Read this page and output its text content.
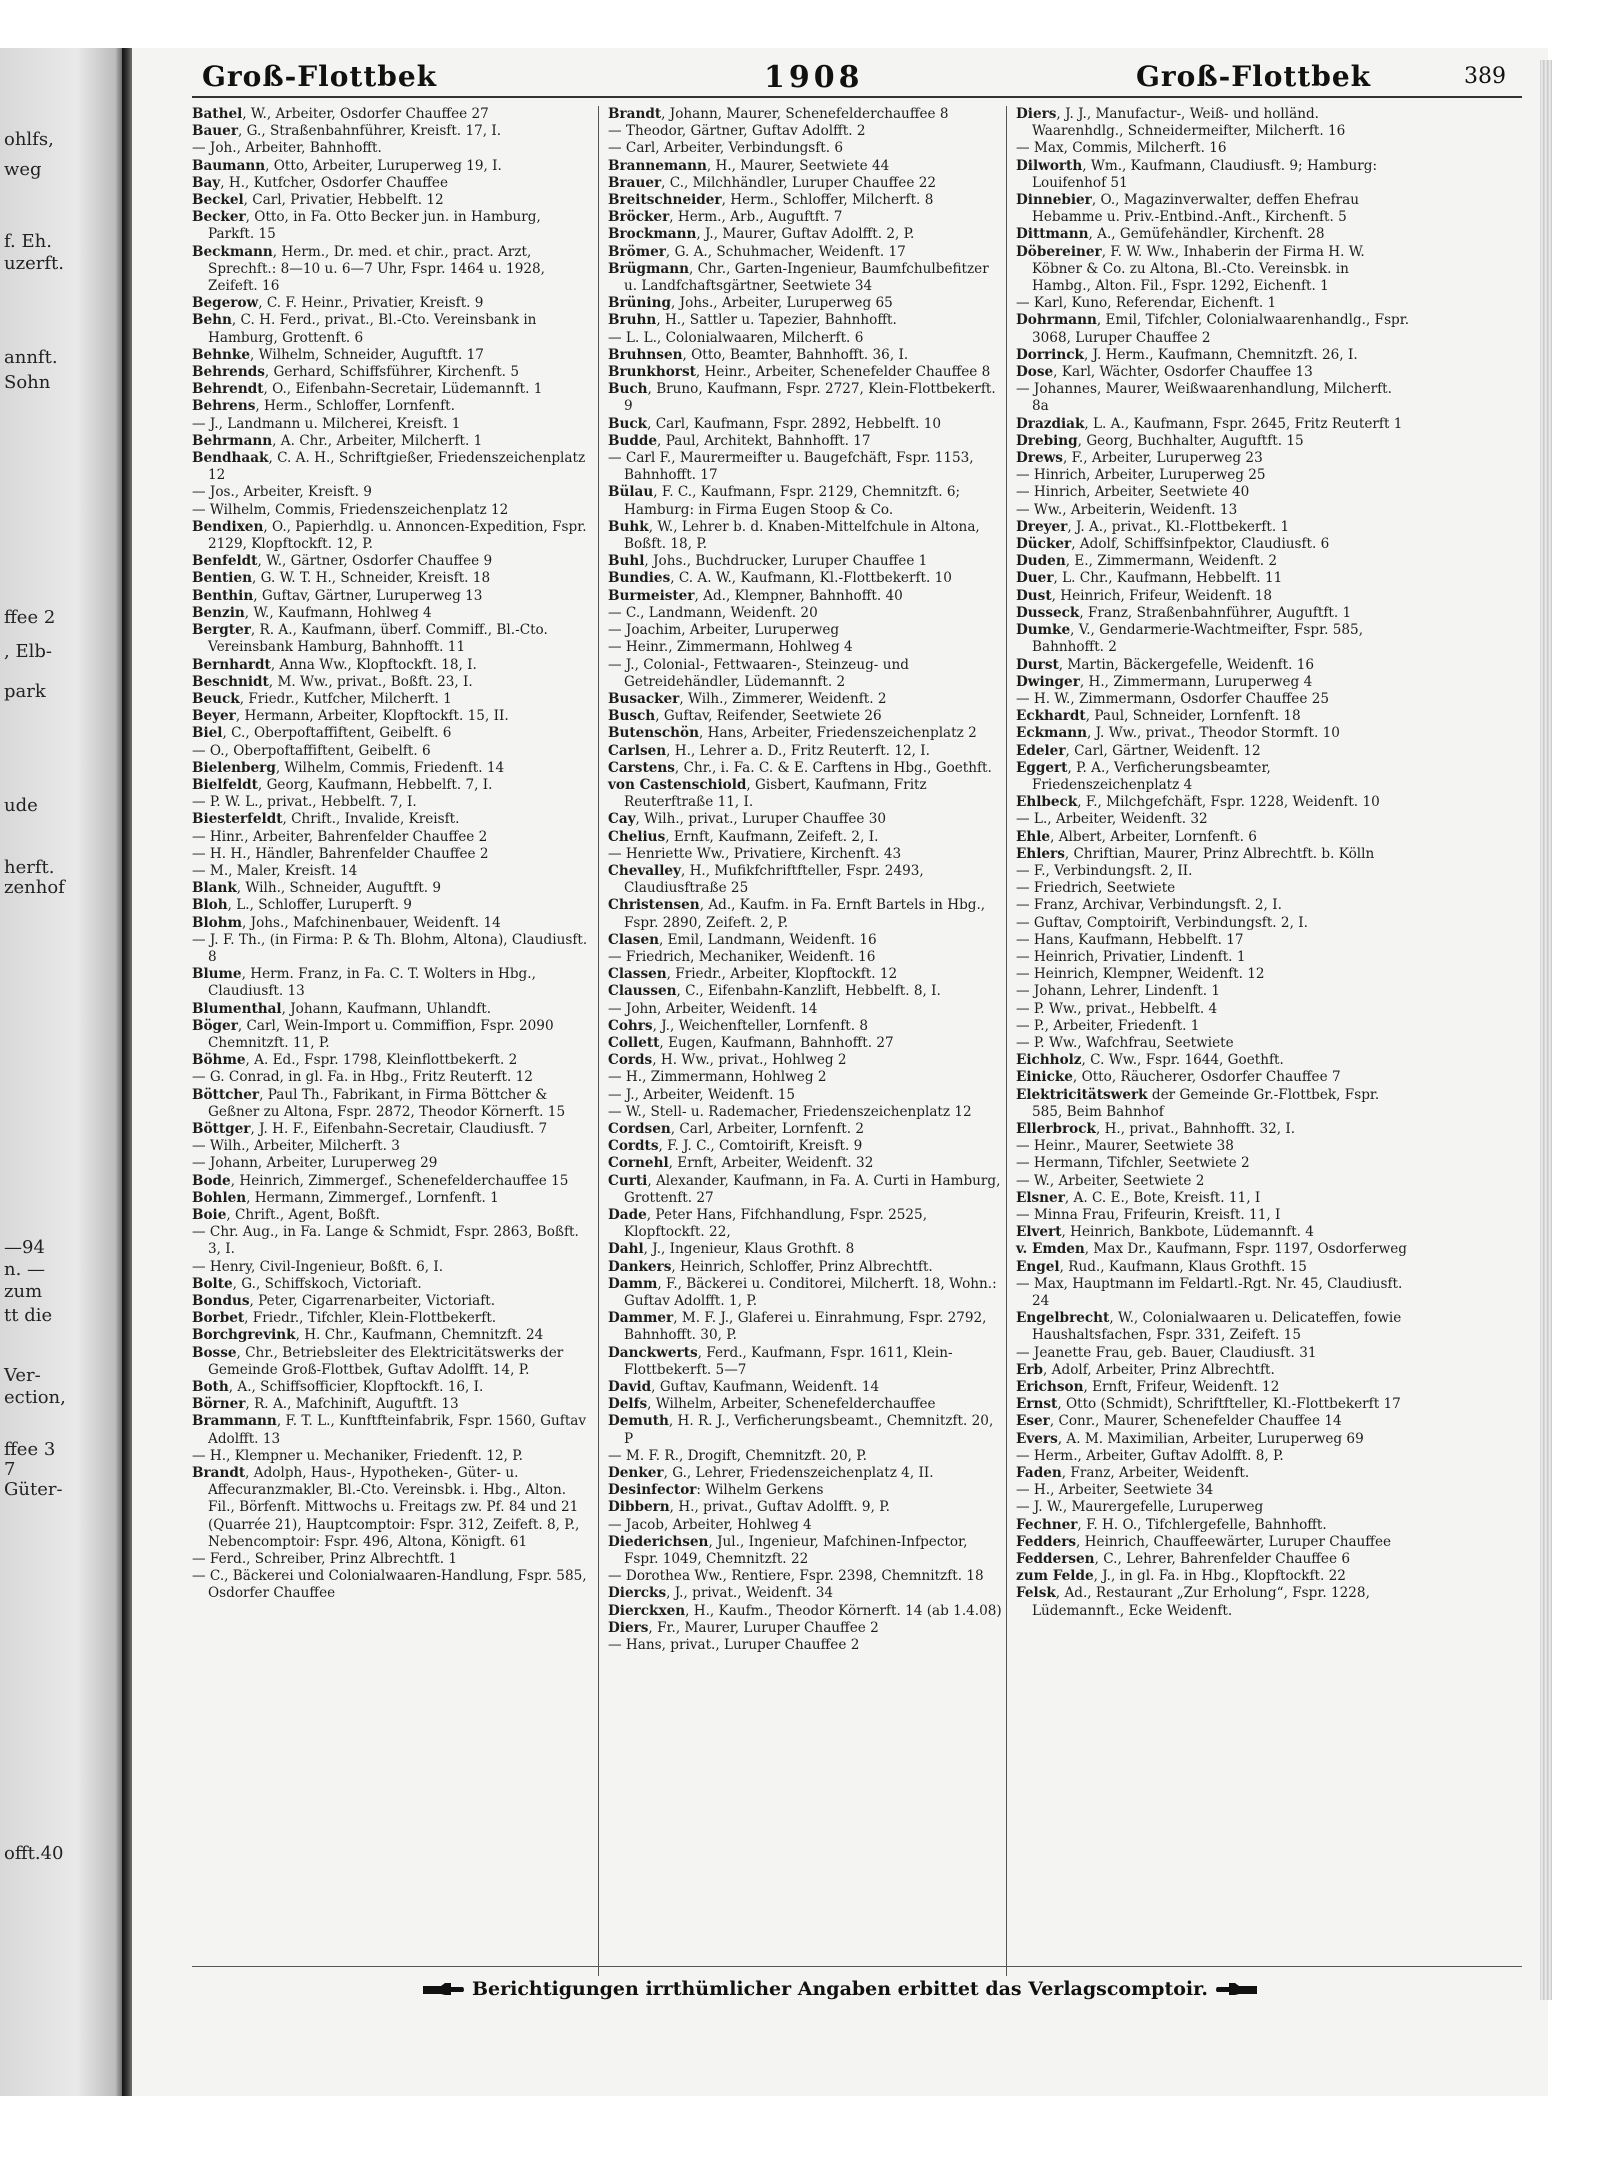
ohlfs,
weg
f. Eh.
uzerft.
annft.
Sohn
ffee 2
, Elb-
park
ude
herft.
zenhof
—94
n. —
zum
tt die
Ver-
ection,
ffee 3
7
Güter-
offt.40
Groß-Flottbek	1908	Groß-Flottbek	389

Bathel, W., Arbeiter, Osdorfer Chauffee 27

Bauer, G., Straßenbahnführer, Kreisft. 17, I.

— Joh., Arbeiter, Bahnhofft.

Baumann, Otto, Arbeiter, Luruperweg 19, I.

Bay, H., Kutfcher, Osdorfer Chauffee

Beckel, Carl, Privatier, Hebbelft. 12

Becker, Otto, in Fa. Otto Becker jun. in Hamburg, Parkft. 15

Beckmann, Herm., Dr. med. et chir., pract. Arzt, Sprechft.: 8—10 u. 6—7 Uhr, Fspr. 1464 u. 1928, Zeifeft. 16

Begerow, C. F. Heinr., Privatier, Kreisft. 9

Behn, C. H. Ferd., privat., Bl.-Cto. Vereinsbank in Hamburg, Grottenft. 6

Behnke, Wilhelm, Schneider, Auguftft. 17

Behrends, Gerhard, Schiffsführer, Kirchenft. 5

Behrendt, O., Eifenbahn-Secretair, Lüdemannft. 1

Behrens, Herm., Schloffer, Lornfenft.

— J., Landmann u. Milcherei, Kreisft. 1

Behrmann, A. Chr., Arbeiter, Milcherft. 1

Bendhaak, C. A. H., Schriftgießer, Friedenszeichenplatz 12

— Jos., Arbeiter, Kreisft. 9

— Wilhelm, Commis, Friedenszeichenplatz 12

Bendixen, O., Papierhdlg. u. Annoncen-Expedition, Fspr. 2129, Klopftockft. 12, P.

Benfeldt, W., Gärtner, Osdorfer Chauffee 9

Bentien, G. W. T. H., Schneider, Kreisft. 18

Benthin, Guftav, Gärtner, Luruperweg 13

Benzin, W., Kaufmann, Hohlweg 4

Bergter, R. A., Kaufmann, überf. Commiff., Bl.-Cto. Vereinsbank Hamburg, Bahnhofft. 11

Bernhardt, Anna Ww., Klopftockft. 18, I.

Beschnidt, M. Ww., privat., Boßft. 23, I.

Beuck, Friedr., Kutfcher, Milcherft. 1

Beyer, Hermann, Arbeiter, Klopftockft. 15, II.

Biel, C., Oberpoftaffiftent, Geibelft. 6

— O., Oberpoftaffiftent, Geibelft. 6

Bielenberg, Wilhelm, Commis, Friedenft. 14

Bielfeldt, Georg, Kaufmann, Hebbelft. 7, I.

— P. W. L., privat., Hebbelft. 7, I.

Biesterfeldt, Chrift., Invalide, Kreisft.

— Hinr., Arbeiter, Bahrenfelder Chauffee 2

— H. H., Händler, Bahrenfelder Chauffee 2

— M., Maler, Kreisft. 14

Blank, Wilh., Schneider, Auguftft. 9

Bloh, L., Schloffer, Luruperft. 9

Blohm, Johs., Mafchinenbauer, Weidenft. 14

— J. F. Th., (in Firma: P. & Th. Blohm, Altona), Claudiusft. 8

Blume, Herm. Franz, in Fa. C. T. Wolters in Hbg., Claudiusft. 13

Blumenthal, Johann, Kaufmann, Uhlandft.

Böger, Carl, Wein-Import u. Commiffion, Fspr. 2090 Chemnitzft. 11, P.

Böhme, A. Ed., Fspr. 1798, Kleinflottbekerft. 2

— G. Conrad, in gl. Fa. in Hbg., Fritz Reuterft. 12

Böttcher, Paul Th., Fabrikant, in Firma Böttcher & Geßner zu Altona, Fspr. 2872, Theodor Körnerft. 15

Böttger, J. H. F., Eifenbahn-Secretair, Claudiusft. 7

— Wilh., Arbeiter, Milcherft. 3

— Johann, Arbeiter, Luruperweg 29

Bode, Heinrich, Zimmergef., Schenefelderchauffee 15

Bohlen, Hermann, Zimmergef., Lornfenft. 1

Boie, Chrift., Agent, Boßft.

— Chr. Aug., in Fa. Lange & Schmidt, Fspr. 2863, Boßft. 3, I.

— Henry, Civil-Ingenieur, Boßft. 6, I.

Bolte, G., Schiffskoch, Victoriaft.

Bondus, Peter, Cigarrenarbeiter, Victoriaft.

Borbet, Friedr., Tifchler, Klein-Flottbekerft.

Borchgrevink, H. Chr., Kaufmann, Chemnitzft. 24

Bosse, Chr., Betriebsleiter des Elektricitätswerks der Gemeinde Groß-Flottbek, Guftav Adolfft. 14, P.

Both, A., Schiffsofficier, Klopftockft. 16, I.

Börner, R. A., Mafchinift, Auguftft. 13

Brammann, F. T. L., Kunftfteinfabrik, Fspr. 1560, Guftav Adolfft. 13

— H., Klempner u. Mechaniker, Friedenft. 12, P.

Brandt, Adolph, Haus-, Hypotheken-, Güter- u. Affecuranzmakler, Bl.-Cto. Vereinsbk. i. Hbg., Alton. Fil., Börfenft. Mittwochs u. Freitags zw. Pf. 84 und 21 (Quarrée 21), Hauptcomptoir: Fspr. 312, Zeifeft. 8, P., Nebencomptoir: Fspr. 496, Altona, Königft. 61

— Ferd., Schreiber, Prinz Albrechtft. 1

— C., Bäckerei und Colonialwaaren-Handlung, Fspr. 585, Osdorfer Chauffee

Brandt, Johann, Maurer, Schenefelderchauffee 8

— Theodor, Gärtner, Guftav Adolfft. 2

— Carl, Arbeiter, Verbindungsft. 6

Brannemann, H., Maurer, Seetwiete 44

Brauer, C., Milchhändler, Luruper Chauffee 22

Breitschneider, Herm., Schloffer, Milcherft. 8

Bröcker, Herm., Arb., Auguftft. 7

Brockmann, J., Maurer, Guftav Adolfft. 2, P.

Brömer, G. A., Schuhmacher, Weidenft. 17

Brügmann, Chr., Garten-Ingenieur, Baumfchulbefitzer u. Landfchaftsgärtner, Seetwiete 34

Brüning, Johs., Arbeiter, Luruperweg 65

Bruhn, H., Sattler u. Tapezier, Bahnhofft.

— L. L., Colonialwaaren, Milcherft. 6

Bruhnsen, Otto, Beamter, Bahnhofft. 36, I.

Brunkhorst, Heinr., Arbeiter, Schenefelder Chauffee 8

Buch, Bruno, Kaufmann, Fspr. 2727, Klein-Flottbekerft. 9

Buck, Carl, Kaufmann, Fspr. 2892, Hebbelft. 10

Budde, Paul, Architekt, Bahnhofft. 17

— Carl F., Maurermeifter u. Baugefchäft, Fspr. 1153, Bahnhofft. 17

Bülau, F. C., Kaufmann, Fspr. 2129, Chemnitzft. 6; Hamburg: in Firma Eugen Stoop & Co.

Buhk, W., Lehrer b. d. Knaben-Mittelfchule in Altona, Boßft. 18, P.

Buhl, Johs., Buchdrucker, Luruper Chauffee 1

Bundies, C. A. W., Kaufmann, Kl.-Flottbekerft. 10

Burmeister, Ad., Klempner, Bahnhofft. 40

— C., Landmann, Weidenft. 20

— Joachim, Arbeiter, Luruperweg

— Heinr., Zimmermann, Hohlweg 4

— J., Colonial-, Fettwaaren-, Steinzeug- und Getreidehändler, Lüdemannft. 2

Busacker, Wilh., Zimmerer, Weidenft. 2

Busch, Guftav, Reifender, Seetwiete 26

Butenschön, Hans, Arbeiter, Friedenszeichenplatz 2

Carlsen, H., Lehrer a. D., Fritz Reuterft. 12, I.

Carstens, Chr., i. Fa. C. & E. Carftens in Hbg., Goethft.

von Castenschiold, Gisbert, Kaufmann, Fritz Reuterftraße 11, I.

Cay, Wilh., privat., Luruper Chauffee 30

Chelius, Ernft, Kaufmann, Zeifeft. 2, I.

— Henriette Ww., Privatiere, Kirchenft. 43

Chevalley, H., Mufikfchriftfteller, Fspr. 2493, Claudiusftraße 25

Christensen, Ad., Kaufm. in Fa. Ernft Bartels in Hbg., Fspr. 2890, Zeifeft. 2, P.

Clasen, Emil, Landmann, Weidenft. 16

— Friedrich, Mechaniker, Weidenft. 16

Classen, Friedr., Arbeiter, Klopftockft. 12

Claussen, C., Eifenbahn-Kanzlift, Hebbelft. 8, I.

— John, Arbeiter, Weidenft. 14

Cohrs, J., Weichenfteller, Lornfenft. 8

Collett, Eugen, Kaufmann, Bahnhofft. 27

Cords, H. Ww., privat., Hohlweg 2

— H., Zimmermann, Hohlweg 2

— J., Arbeiter, Weidenft. 15

— W., Stell- u. Rademacher, Friedenszeichenplatz 12

Cordsen, Carl, Arbeiter, Lornfenft. 2

Cordts, F. J. C., Comtoirift, Kreisft. 9

Cornehl, Ernft, Arbeiter, Weidenft. 32

Curti, Alexander, Kaufmann, in Fa. A. Curti in Hamburg, Grottenft. 27

Dade, Peter Hans, Fifchhandlung, Fspr. 2525, Klopftockft. 22,

Dahl, J., Ingenieur, Klaus Grothft. 8

Dankers, Heinrich, Schloffer, Prinz Albrechtft.

Damm, F., Bäckerei u. Conditorei, Milcherft. 18, Wohn.: Guftav Adolfft. 1, P.

Dammer, M. F. J., Glaferei u. Einrahmung, Fspr. 2792, Bahnhofft. 30, P.

Danckwerts, Ferd., Kaufmann, Fspr. 1611, Klein-Flottbekerft. 5—7

David, Guftav, Kaufmann, Weidenft. 14

Delfs, Wilhelm, Arbeiter, Schenefelderchauffee

Demuth, H. R. J., Verficherungsbeamt., Chemnitzft. 20, P

— M. F. R., Drogift, Chemnitzft. 20, P.

Denker, G., Lehrer, Friedenszeichenplatz 4, II.

Desinfector: Wilhelm Gerkens

Dibbern, H., privat., Guftav Adolfft. 9, P.

— Jacob, Arbeiter, Hohlweg 4

Diederichsen, Jul., Ingenieur, Mafchinen-Infpector, Fspr. 1049, Chemnitzft. 22

— Dorothea Ww., Rentiere, Fspr. 2398, Chemnitzft. 18

Diercks, J., privat., Weidenft. 34

Dierckxen, H., Kaufm., Theodor Körnerft. 14 (ab 1.4.08)

Diers, Fr., Maurer, Luruper Chauffee 2

— Hans, privat., Luruper Chauffee 2

Diers, J. J., Manufactur-, Weiß- und holländ. Waarenhdlg., Schneidermeifter, Milcherft. 16

— Max, Commis, Milcherft. 16

Dilworth, Wm., Kaufmann, Claudiusft. 9; Hamburg: Louifenhof 51

Dinnebier, O., Magazinverwalter, deffen Ehefrau Hebamme u. Priv.-Entbind.-Anft., Kirchenft. 5

Dittmann, A., Gemüfehändler, Kirchenft. 28

Döbereiner, F. W. Ww., Inhaberin der Firma H. W. Köbner & Co. zu Altona, Bl.-Cto. Vereinsbk. in Hambg., Alton. Fil., Fspr. 1292, Eichenft. 1

— Karl, Kuno, Referendar, Eichenft. 1

Dohrmann, Emil, Tifchler, Colonialwaarenhandlg., Fspr. 3068, Luruper Chauffee 2

Dorrinck, J. Herm., Kaufmann, Chemnitzft. 26, I.

Dose, Karl, Wächter, Osdorfer Chauffee 13

— Johannes, Maurer, Weißwaarenhandlung, Milcherft. 8a

Drazdiak, L. A., Kaufmann, Fspr. 2645, Fritz Reuterft 1

Drebing, Georg, Buchhalter, Auguftft. 15

Drews, F., Arbeiter, Luruperweg 23

— Hinrich, Arbeiter, Luruperweg 25

— Hinrich, Arbeiter, Seetwiete 40

— Ww., Arbeiterin, Weidenft. 13

Dreyer, J. A., privat., Kl.-Flottbekerft. 1

Dücker, Adolf, Schiffsinfpektor, Claudiusft. 6

Duden, E., Zimmermann, Weidenft. 2

Duer, L. Chr., Kaufmann, Hebbelft. 11

Dust, Heinrich, Frifeur, Weidenft. 18

Dusseck, Franz, Straßenbahnführer, Auguftft. 1

Dumke, V., Gendarmerie-Wachtmeifter, Fspr. 585, Bahnhofft. 2

Durst, Martin, Bäckergefelle, Weidenft. 16

Dwinger, H., Zimmermann, Luruperweg 4

— H. W., Zimmermann, Osdorfer Chauffee 25

Eckhardt, Paul, Schneider, Lornfenft. 18

Eckmann, J. Ww., privat., Theodor Stormft. 10

Edeler, Carl, Gärtner, Weidenft. 12

Eggert, P. A., Verficherungsbeamter, Friedenszeichenplatz 4

Ehlbeck, F., Milchgefchäft, Fspr. 1228, Weidenft. 10

— L., Arbeiter, Weidenft. 32

Ehle, Albert, Arbeiter, Lornfenft. 6

Ehlers, Chriftian, Maurer, Prinz Albrechtft. b. Kölln

— F., Verbindungsft. 2, II.

— Friedrich, Seetwiete

— Franz, Archivar, Verbindungsft. 2, I.

— Guftav, Comptoirift, Verbindungsft. 2, I.

— Hans, Kaufmann, Hebbelft. 17

— Heinrich, Privatier, Lindenft. 1

— Heinrich, Klempner, Weidenft. 12

— Johann, Lehrer, Lindenft. 1

— P. Ww., privat., Hebbelft. 4

— P., Arbeiter, Friedenft. 1

— P. Ww., Wafchfrau, Seetwiete

Eichholz, C. Ww., Fspr. 1644, Goethft.

Einicke, Otto, Räucherer, Osdorfer Chauffee 7

Elektricitätswerk der Gemeinde Gr.-Flottbek, Fspr. 585, Beim Bahnhof

Ellerbrock, H., privat., Bahnhofft. 32, I.

— Heinr., Maurer, Seetwiete 38

— Hermann, Tifchler, Seetwiete 2

— W., Arbeiter, Seetwiete 2

Elsner, A. C. E., Bote, Kreisft. 11, I

— Minna Frau, Frifeurin, Kreisft. 11, I

Elvert, Heinrich, Bankbote, Lüdemannft. 4

v. Emden, Max Dr., Kaufmann, Fspr. 1197, Osdorferweg

Engel, Rud., Kaufmann, Klaus Grothft. 15

— Max, Hauptmann im Feldartl.-Rgt. Nr. 45, Claudiusft. 24

Engelbrecht, W., Colonialwaaren u. Delicateffen, fowie Haushaltsfachen, Fspr. 331, Zeifeft. 15

— Jeanette Frau, geb. Bauer, Claudiusft. 31

Erb, Adolf, Arbeiter, Prinz Albrechtft.

Erichson, Ernft, Frifeur, Weidenft. 12

Ernst, Otto (Schmidt), Schriftfteller, Kl.-Flottbekerft 17

Eser, Conr., Maurer, Schenefelder Chauffee 14

Evers, A. M. Maximilian, Arbeiter, Luruperweg 69

— Herm., Arbeiter, Guftav Adolfft. 8, P.

Faden, Franz, Arbeiter, Weidenft.

— H., Arbeiter, Seetwiete 34

— J. W., Maurergefelle, Luruperweg

Fechner, F. H. O., Tifchlergefelle, Bahnhofft.

Fedders, Heinrich, Chauffeewärter, Luruper Chauffee

Feddersen, C., Lehrer, Bahrenfelder Chauffee 6

zum Felde, J., in gl. Fa. in Hbg., Klopftockft. 22

Felsk, Ad., Restaurant „Zur Erholung“, Fspr. 1228, Lüdemannft., Ecke Weidenft.

Berichtigungen irrthümlicher Angaben erbittet das Verlagscomptoir.
